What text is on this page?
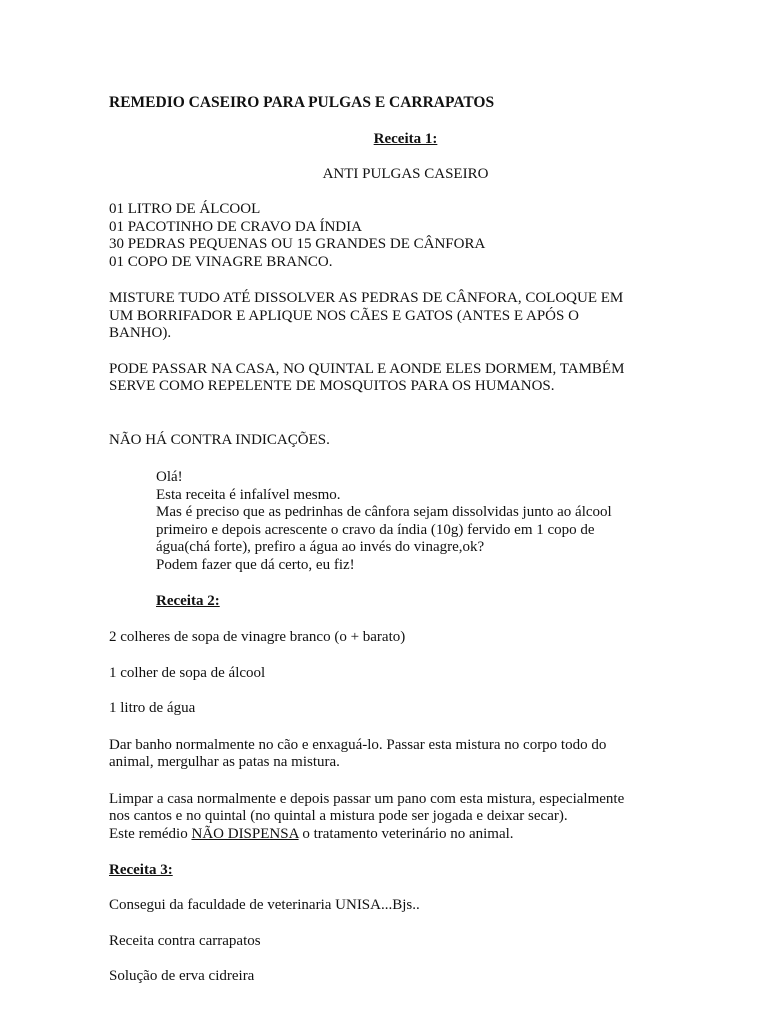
REMEDIO CASEIRO PARA PULGAS E CARRAPATOS

Receita 1:

ANTI PULGAS CASEIRO

01 LITRO DE ÁLCOOL

01 PACOTINHO DE CRAVO DA ÍNDIA

30 PEDRAS PEQUENAS OU 15 GRANDES DE CÂNFORA

01 COPO DE VINAGRE BRANCO.

MISTURE TUDO ATÉ DISSOLVER AS PEDRAS DE CÂNFORA, COLOQUE EM

UM BORRIFADOR E APLIQUE NOS CÃES E GATOS (ANTES E APÓS O

BANHO).

PODE PASSAR NA CASA, NO QUINTAL E AONDE ELES DORMEM, TAMBÉM

SERVE COMO REPELENTE DE MOSQUITOS PARA OS HUMANOS.

NÃO HÁ CONTRA INDICAÇÕES.

Olá!

Esta receita é infalível mesmo.

Mas é preciso que as pedrinhas de cânfora sejam dissolvidas junto ao álcool

primeiro e depois acrescente o cravo da índia (10g) fervido em 1 copo de

água(chá forte), prefiro a água ao invés do vinagre,ok?

Podem fazer que dá certo, eu fiz!

Receita 2:

2 colheres de sopa de vinagre branco (o + barato)

1 colher de sopa de álcool

1 litro de água

Dar banho normalmente no cão e enxaguá-lo. Passar esta mistura no corpo todo do

animal, mergulhar as patas na mistura.

Limpar a casa normalmente e depois passar um pano com esta mistura, especialmente

nos cantos e no quintal (no quintal a mistura pode ser jogada e deixar secar).

Este remédio NÃO DISPENSA o tratamento veterinário no animal.

Receita 3:

Consegui da faculdade de veterinaria UNISA...Bjs..

Receita contra carrapatos

Solução de erva cidreira
